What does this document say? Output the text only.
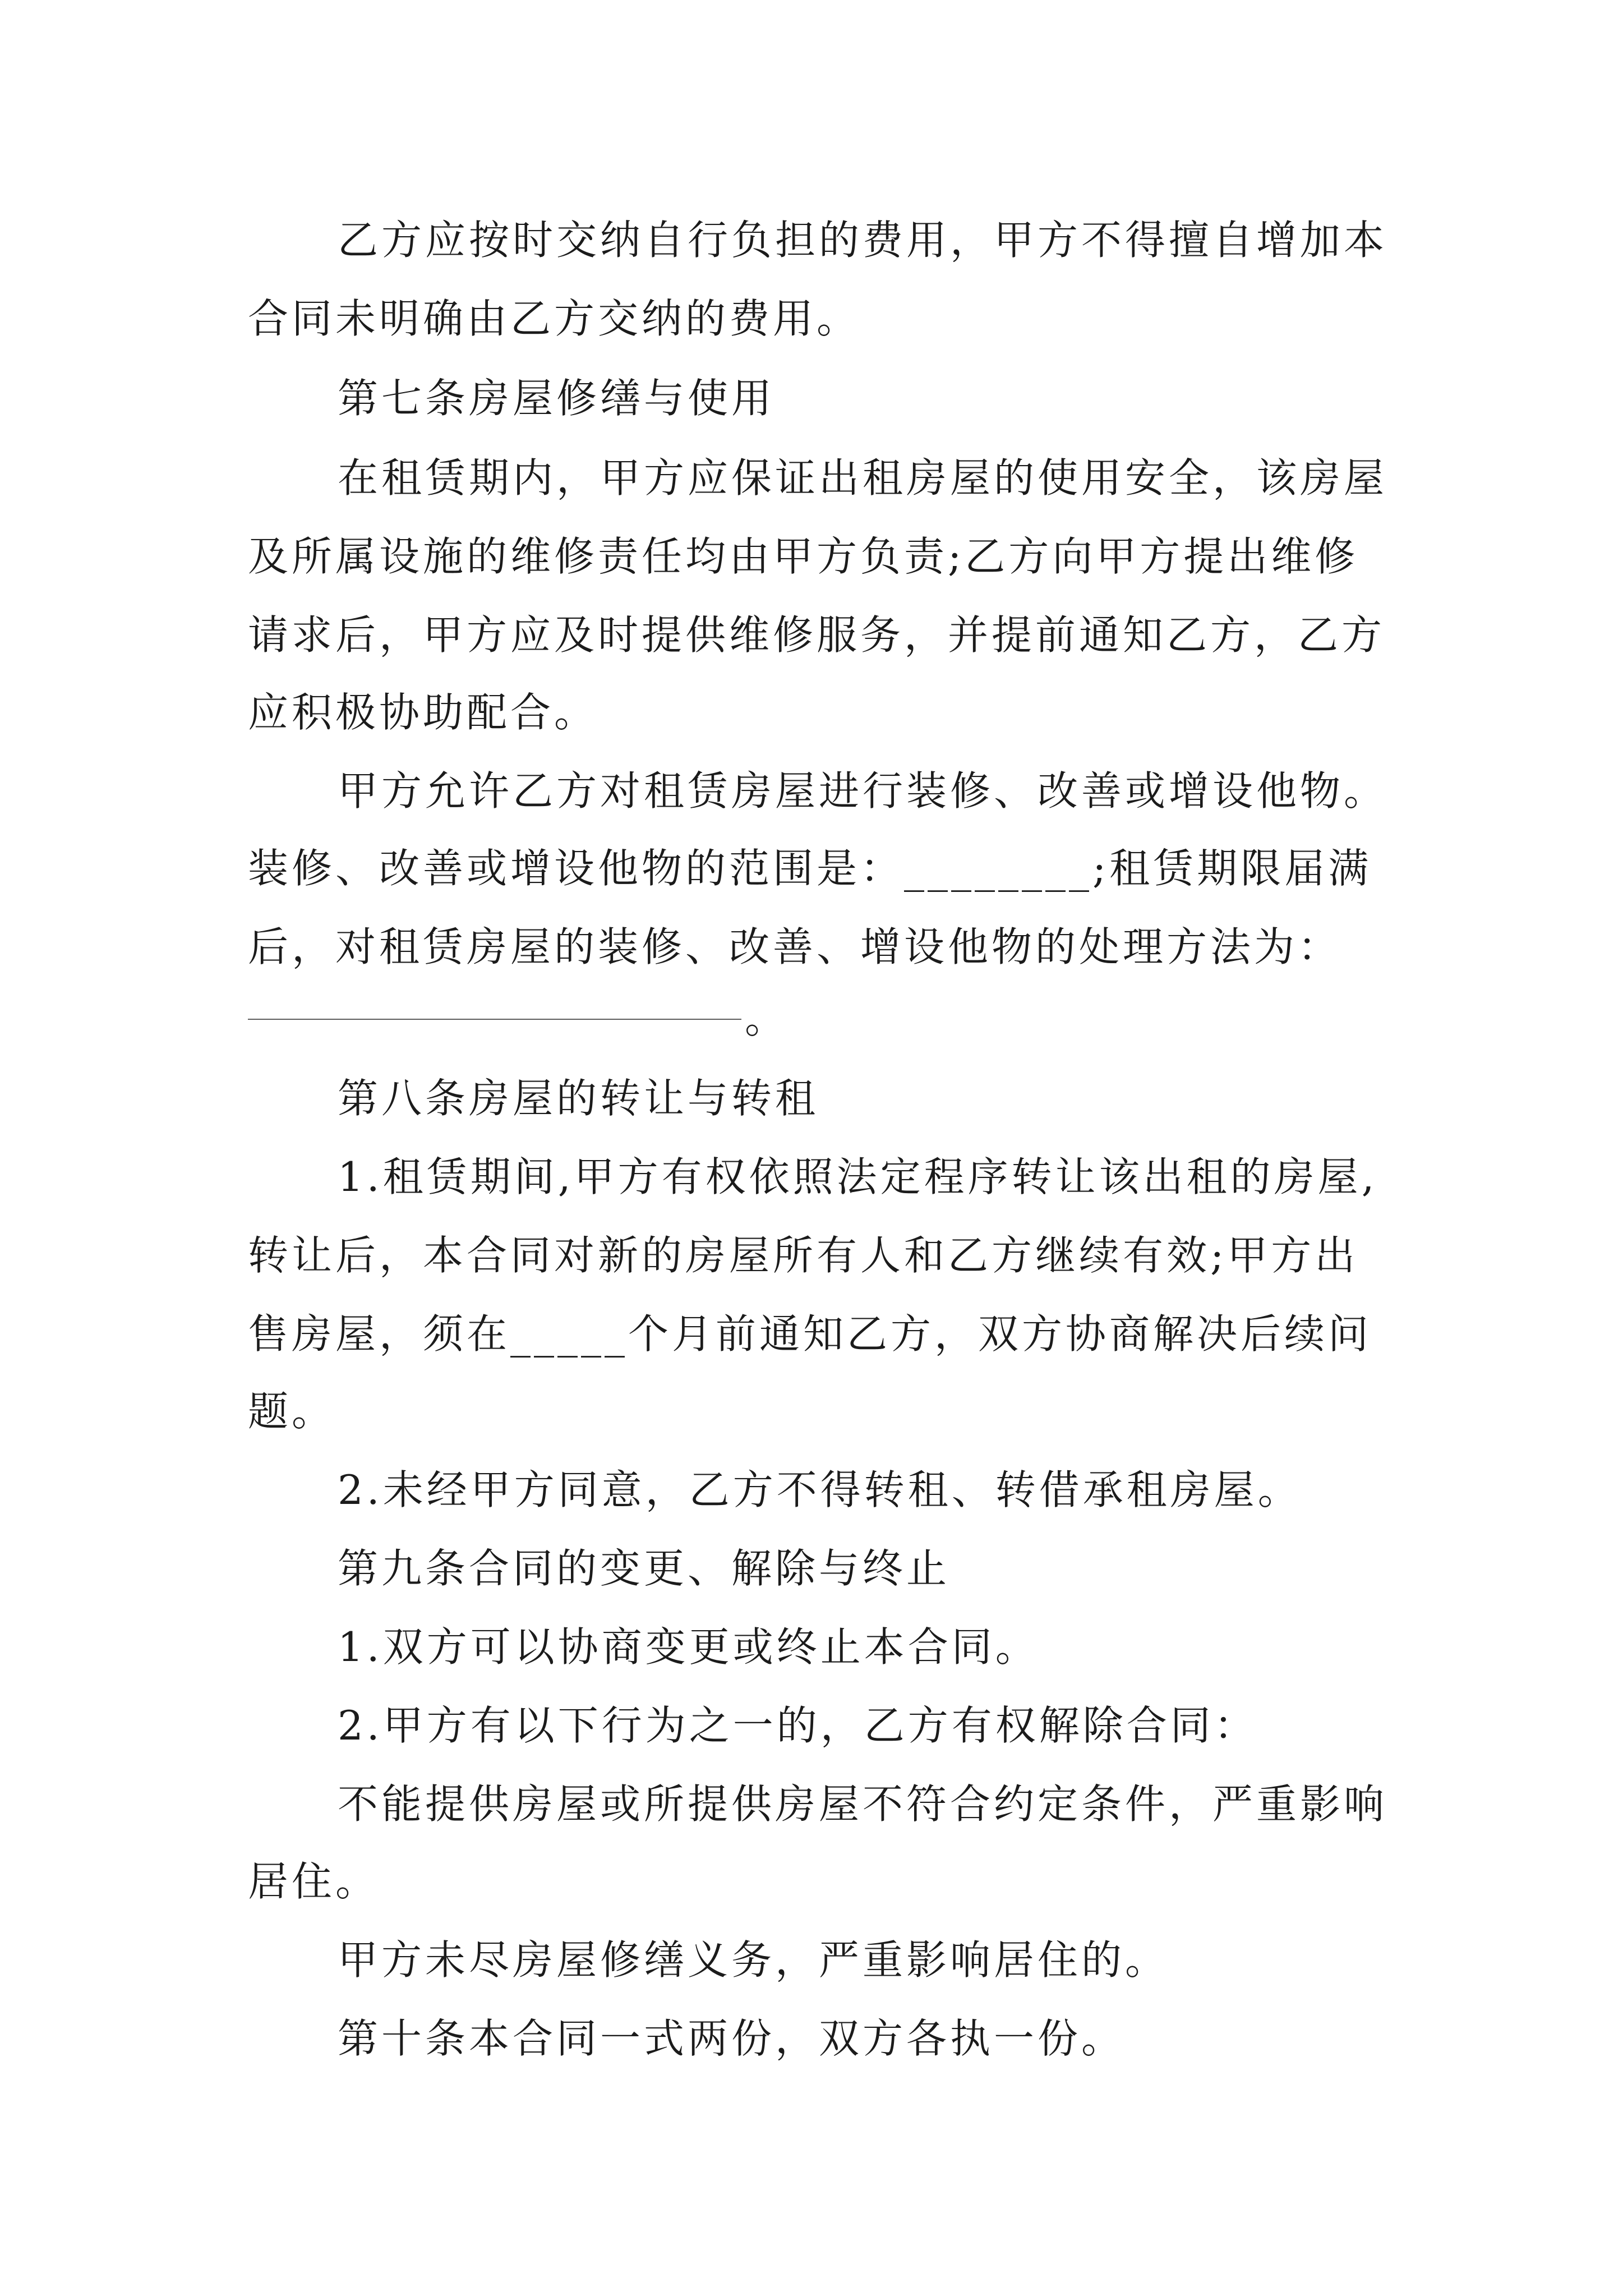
乙方应按时交纳自行负担的费用，甲方不得擅自增加本
合同未明确由乙方交纳的费用。
第七条房屋修缮与使用
在租赁期内，甲方应保证出租房屋的使用安全，该房屋
及所属设施的维修责任均由甲方负责;乙方向甲方提出维修
请求后，甲方应及时提供维修服务，并提前通知乙方，乙方
应积极协助配合。
甲方允许乙方对租赁房屋进行装修、改善或增设他物。
装修、改善或增设他物的范围是：________;租赁期限届满
后，对租赁房屋的装修、改善、增设他物的处理方法为：
。
第八条房屋的转让与转租
1.租赁期间,甲方有权依照法定程序转让该出租的房屋,
转让后，本合同对新的房屋所有人和乙方继续有效;甲方出
售房屋，须在_____个月前通知乙方，双方协商解决后续问
题。
2.未经甲方同意，乙方不得转租、转借承租房屋。
第九条合同的变更、解除与终止
1.双方可以协商变更或终止本合同。
2.甲方有以下行为之一的，乙方有权解除合同：
不能提供房屋或所提供房屋不符合约定条件，严重影响
居住。
甲方未尽房屋修缮义务，严重影响居住的。
第十条本合同一式两份，双方各执一份。
